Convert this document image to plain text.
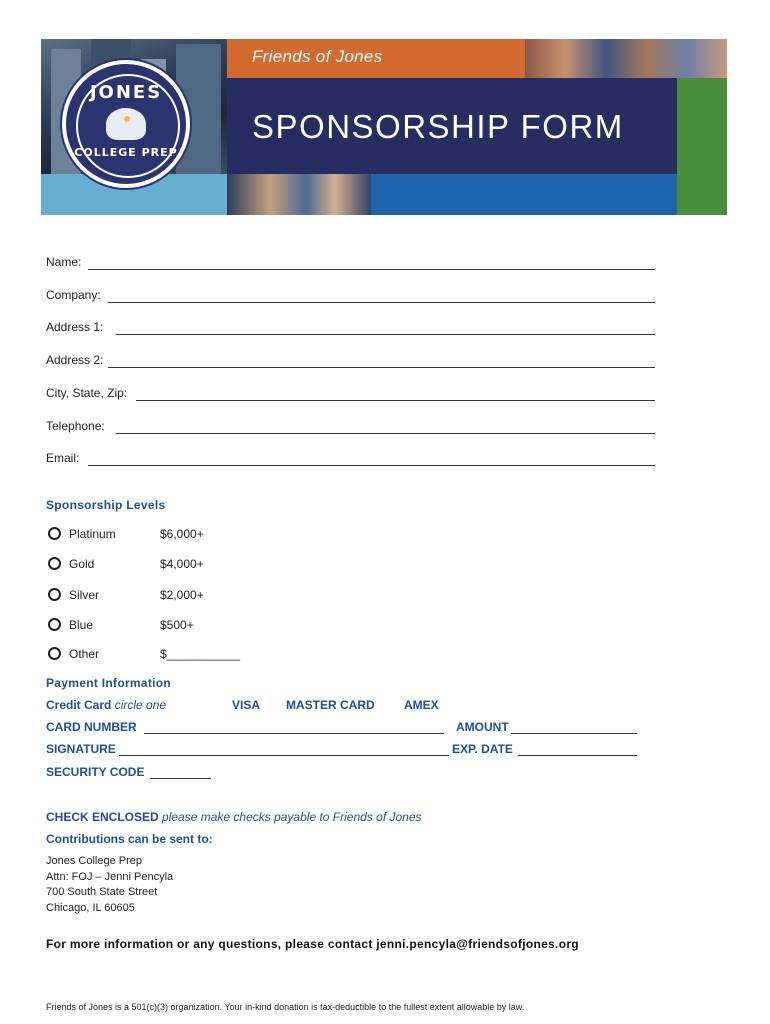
Friends of Jones
SPONSORSHIP FORM
JONES
COLLEGE PREP
Name:
Company:
Address 1:
Address 2:
City, State, Zip:
Telephone:
Email:
Sponsorship Levels
Platinum	$6,000+
Gold	$4,000+
Silver	$2,000+
Blue	$500+
Other	$___________
Payment Information
Credit Card circle one	VISA MASTER CARD AMEX
CARD NUMBER	AMOUNT
SIGNATURE	EXP. DATE
SECURITY CODE
CHECK ENCLOSED please make checks payable to Friends of Jones
Contributions can be sent to:
Jones College Prep
Attn: FOJ – Jenni Pencyla
700 South State Street
Chicago, IL 60605
For more information or any questions, please contact jenni.pencyla@friendsofjones.org
Friends of Jones is a 501(c)(3) organization. Your in-kind donation is tax-deductible to the fullest extent allowable by law.
